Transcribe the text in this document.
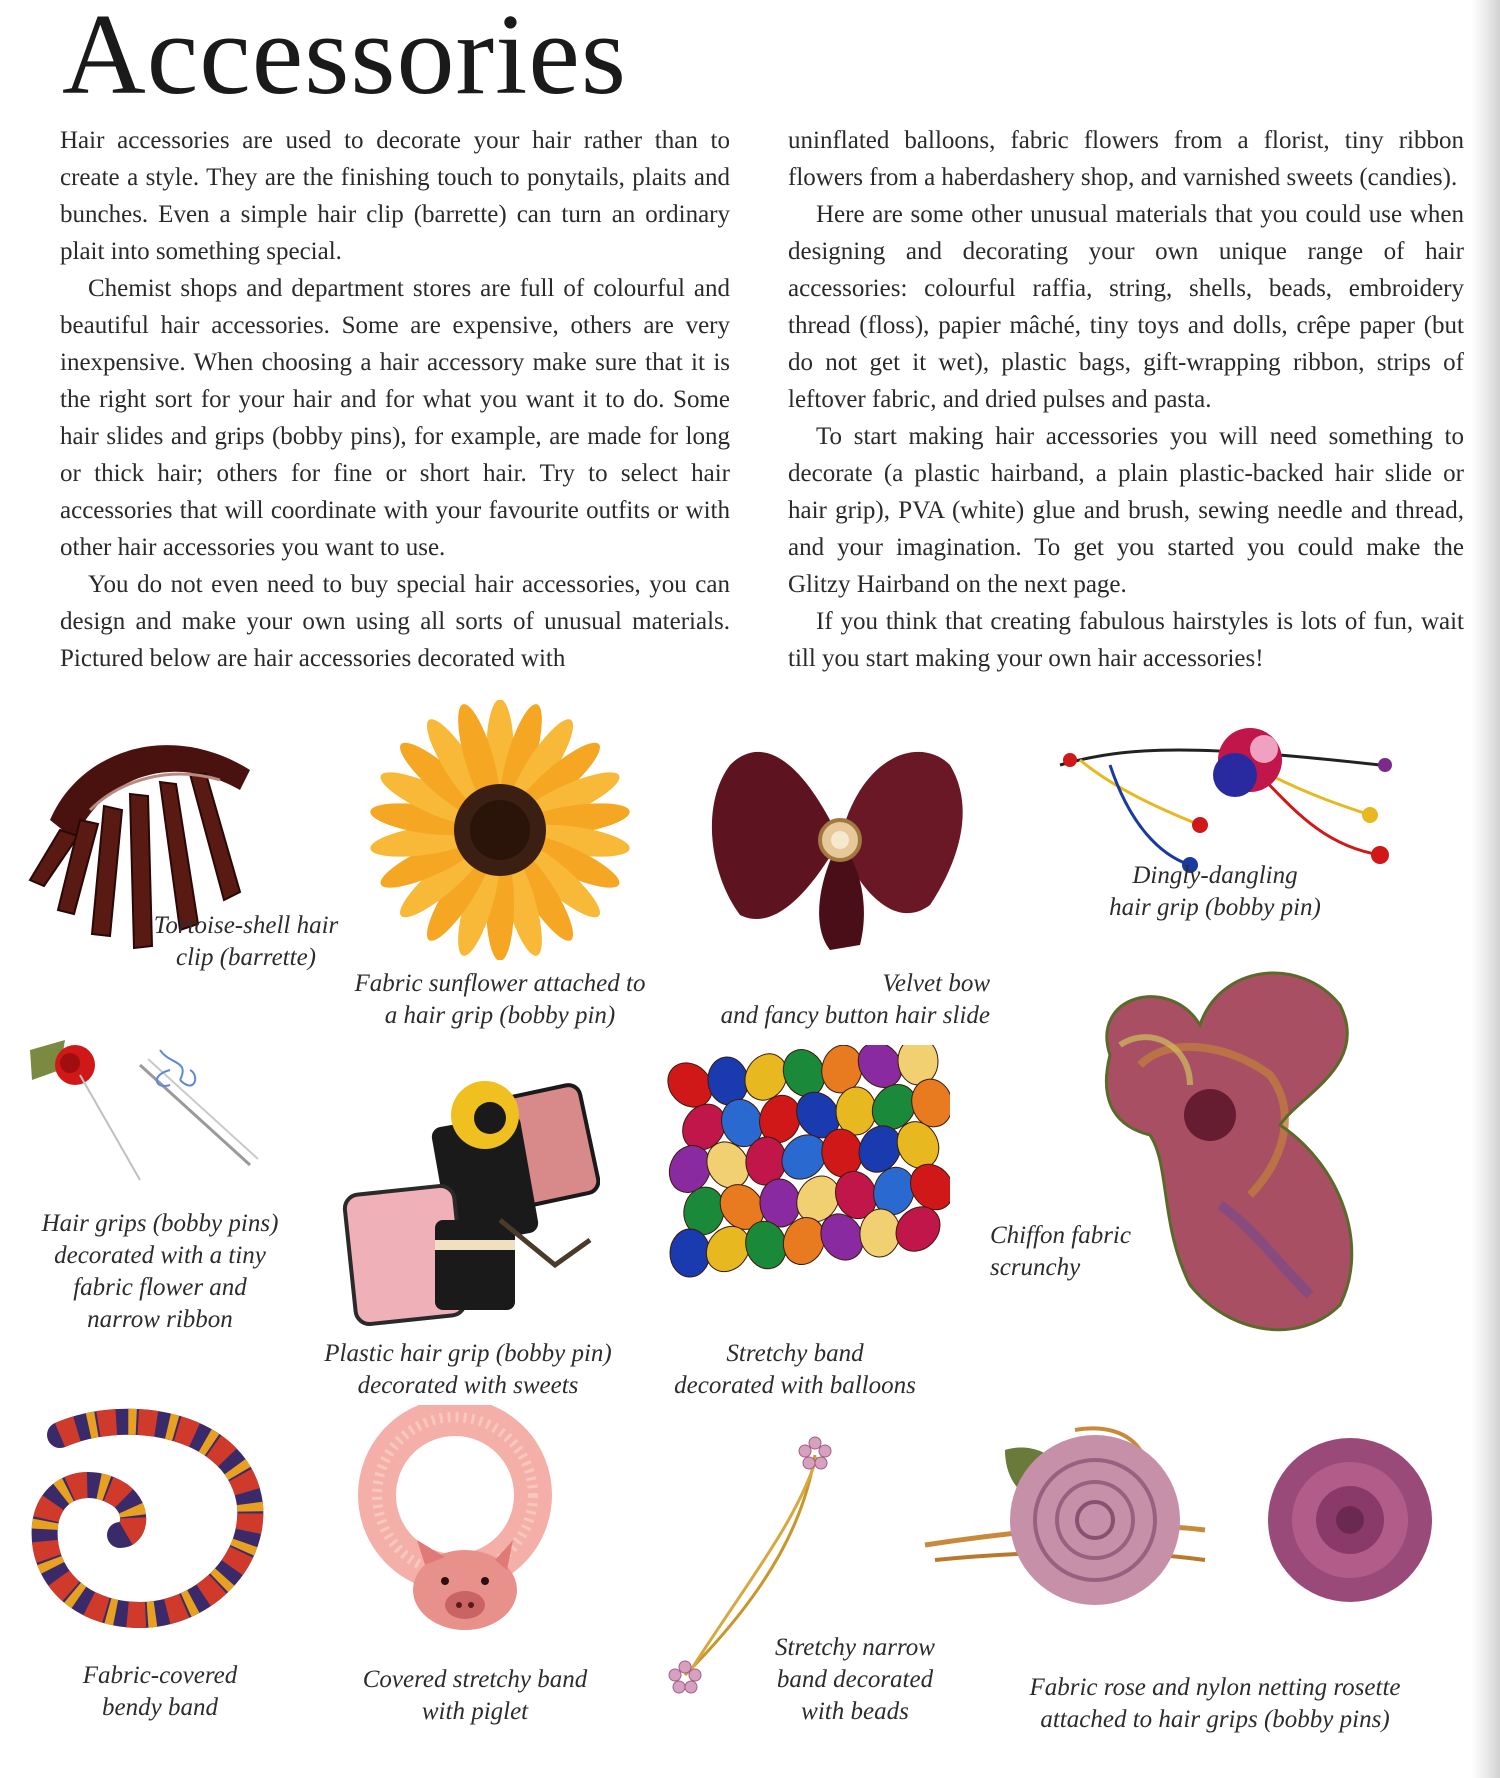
Accessories

Hair accessories are used to decorate your hair rather than to create a style. They are the finishing touch to ponytails, plaits and bunches. Even a simple hair clip (barrette) can turn an ordinary plait into something special.

Chemist shops and department stores are full of colourful and beautiful hair accessories. Some are expensive, others are very inexpensive. When choosing a hair accessory make sure that it is the right sort for your hair and for what you want it to do. Some hair slides and grips (bobby pins), for example, are made for long or thick hair; others for fine or short hair. Try to select hair accessories that will coordinate with your favourite outfits or with other hair accessories you want to use.

You do not even need to buy special hair accessories, you can design and make your own using all sorts of unusual materials. Pictured below are hair accessories decorated with

uninflated balloons, fabric flowers from a florist, tiny ribbon flowers from a haberdashery shop, and varnished sweets (candies).

Here are some other unusual materials that you could use when designing and decorating your own unique range of hair accessories: colourful raffia, string, shells, beads, embroidery thread (floss), papier mâché, tiny toys and dolls, crêpe paper (but do not get it wet), plastic bags, gift-wrapping ribbon, strips of leftover fabric, and dried pulses and pasta.

To start making hair accessories you will need something to decorate (a plastic hairband, a plain plastic-backed hair slide or hair grip), PVA (white) glue and brush, sewing needle and thread, and your imagination. To get you started you could make the Glitzy Hairband on the next page.

If you think that creating fabulous hairstyles is lots of fun, wait till you start making your own hair accessories!

Tortoise-shell hair
clip (barrette)

Fabric sunflower attached to
a hair grip (bobby pin)

Velvet bow
and fancy button hair slide

Dingly-dangling
hair grip (bobby pin)

Hair grips (bobby pins)
decorated with a tiny
fabric flower and
narrow ribbon

Plastic hair grip (bobby pin)
decorated with sweets

Stretchy band
decorated with balloons

Chiffon fabric
scrunchy

Fabric-covered
bendy band

Covered stretchy band
with piglet

Stretchy narrow
band decorated
with beads

Fabric rose and nylon netting rosette
attached to hair grips (bobby pins)
